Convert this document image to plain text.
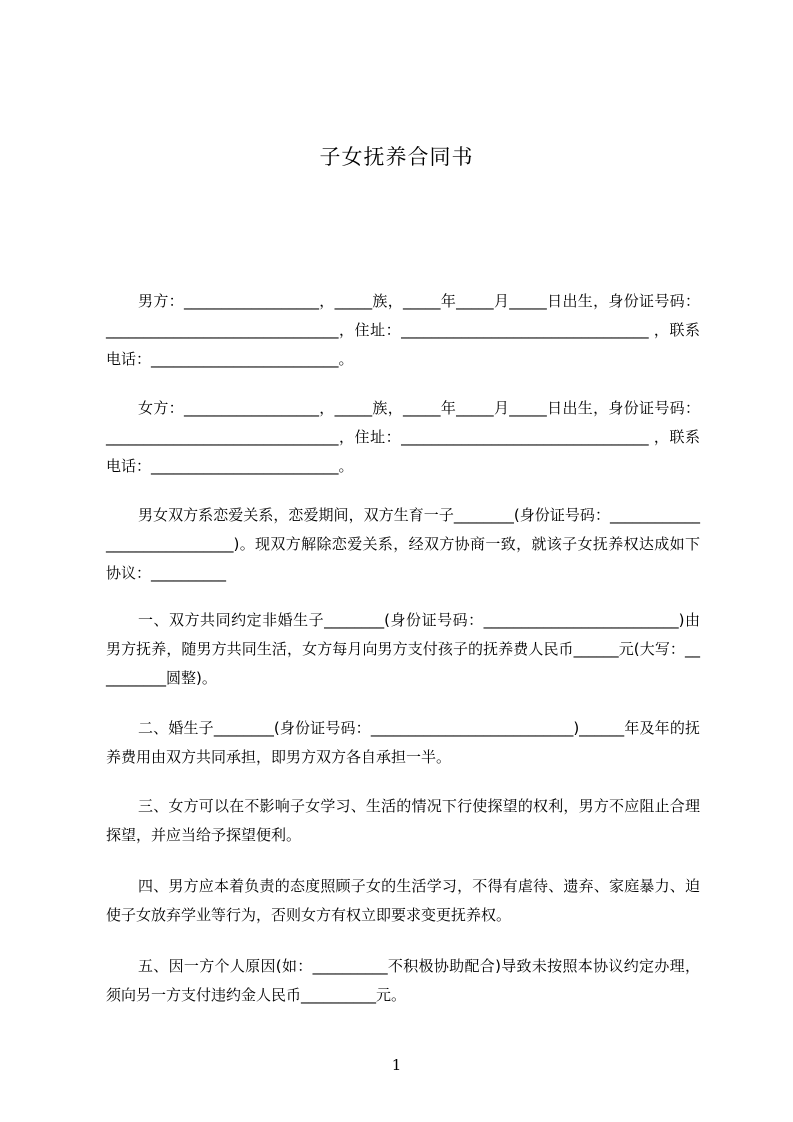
子女抚养合同书

男方：__________________，_____族，_____年_____月_____日出生，身份证号码：_______________________________，住址：_________________________________ ，联系电话：_________________________。

女方：__________________，_____族，_____年_____月_____日出生，身份证号码：_______________________________，住址：_________________________________ ，联系电话：_________________________。

男女双方系恋爱关系，恋爱期间，双方生育一子________(身份证号码：_____________________________)。现双方解除恋爱关系，经双方协商一致，就该子女抚养权达成如下协议：__________

一、双方共同约定非婚生子________(身份证号码：__________________________)由男方抚养，随男方共同生活，女方每月向男方支付孩子的抚养费人民币______元(大写：__________圆整)。

二、婚生子________(身份证号码：___________________________)______年及年的抚养费用由双方共同承担，即男方双方各自承担一半。

三、女方可以在不影响子女学习、生活的情况下行使探望的权利，男方不应阻止合理探望，并应当给予探望便利。

四、男方应本着负责的态度照顾子女的生活学习，不得有虐待、遗弃、家庭暴力、迫使子女放弃学业等行为，否则女方有权立即要求变更抚养权。

五、因一方个人原因(如：__________不积极协助配合)导致未按照本协议约定办理，须向另一方支付违约金人民币__________元。

1
